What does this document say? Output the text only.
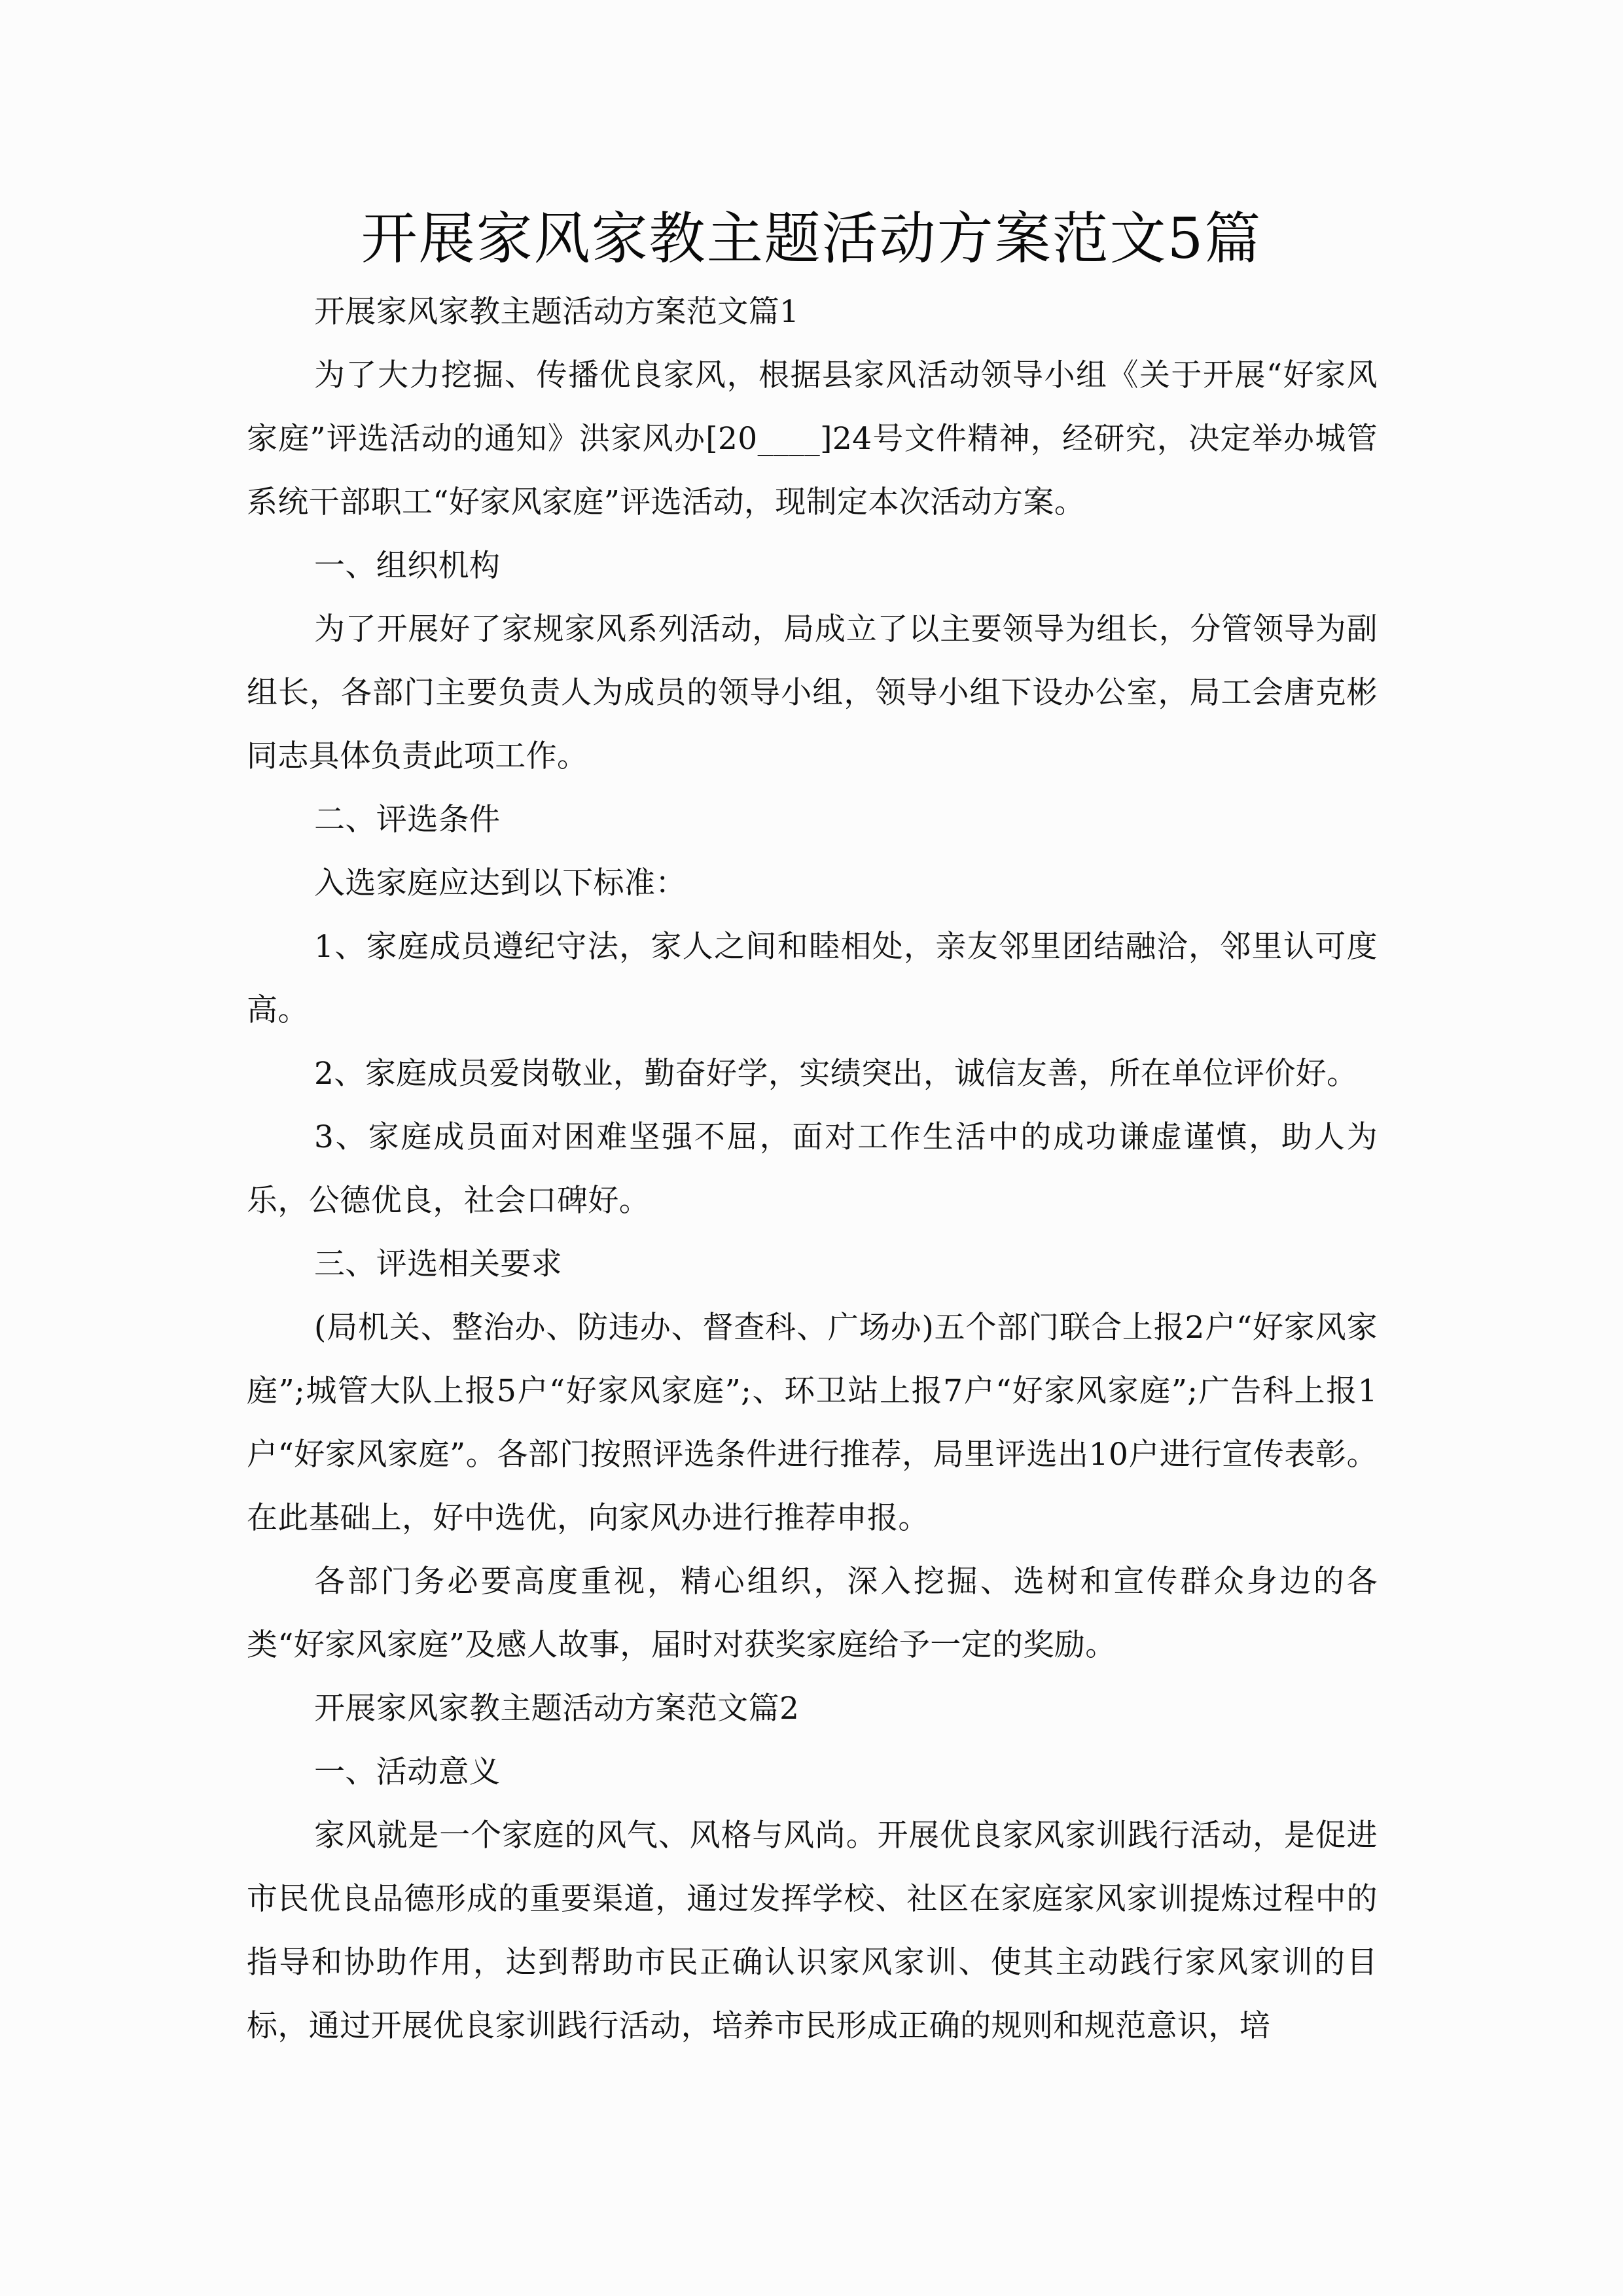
开展家风家教主题活动方案范文5篇

开展家风家教主题活动方案范文篇1

为了大力挖掘、传播优良家风，根据县家风活动领导小组《关于开展“好家风家庭”评选活动的通知》洪家风办[20____]24号文件精神，经研究，决定举办城管系统干部职工“好家风家庭”评选活动，现制定本次活动方案。

一、组织机构

为了开展好了家规家风系列活动，局成立了以主要领导为组长，分管领导为副组长，各部门主要负责人为成员的领导小组，领导小组下设办公室，局工会唐克彬同志具体负责此项工作。

二、评选条件

入选家庭应达到以下标准：

1、家庭成员遵纪守法，家人之间和睦相处，亲友邻里团结融洽，邻里认可度高。

2、家庭成员爱岗敬业，勤奋好学，实绩突出，诚信友善，所在单位评价好。

3、家庭成员面对困难坚强不屈，面对工作生活中的成功谦虚谨慎，助人为乐，公德优良，社会口碑好。

三、评选相关要求

(局机关、整治办、防违办、督查科、广场办)五个部门联合上报2户“好家风家庭”;城管大队上报5户“好家风家庭”;、环卫站上报7户“好家风家庭”;广告科上报1户“好家风家庭”。各部门按照评选条件进行推荐，局里评选出10户进行宣传表彰。在此基础上，好中选优，向家风办进行推荐申报。

各部门务必要高度重视，精心组织，深入挖掘、选树和宣传群众身边的各类“好家风家庭”及感人故事，届时对获奖家庭给予一定的奖励。

开展家风家教主题活动方案范文篇2

一、活动意义

家风就是一个家庭的风气、风格与风尚。开展优良家风家训践行活动，是促进市民优良品德形成的重要渠道，通过发挥学校、社区在家庭家风家训提炼过程中的指导和协助作用，达到帮助市民正确认识家风家训、使其主动践行家风家训的目标，通过开展优良家训践行活动，培养市民形成正确的规则和规范意识，培
